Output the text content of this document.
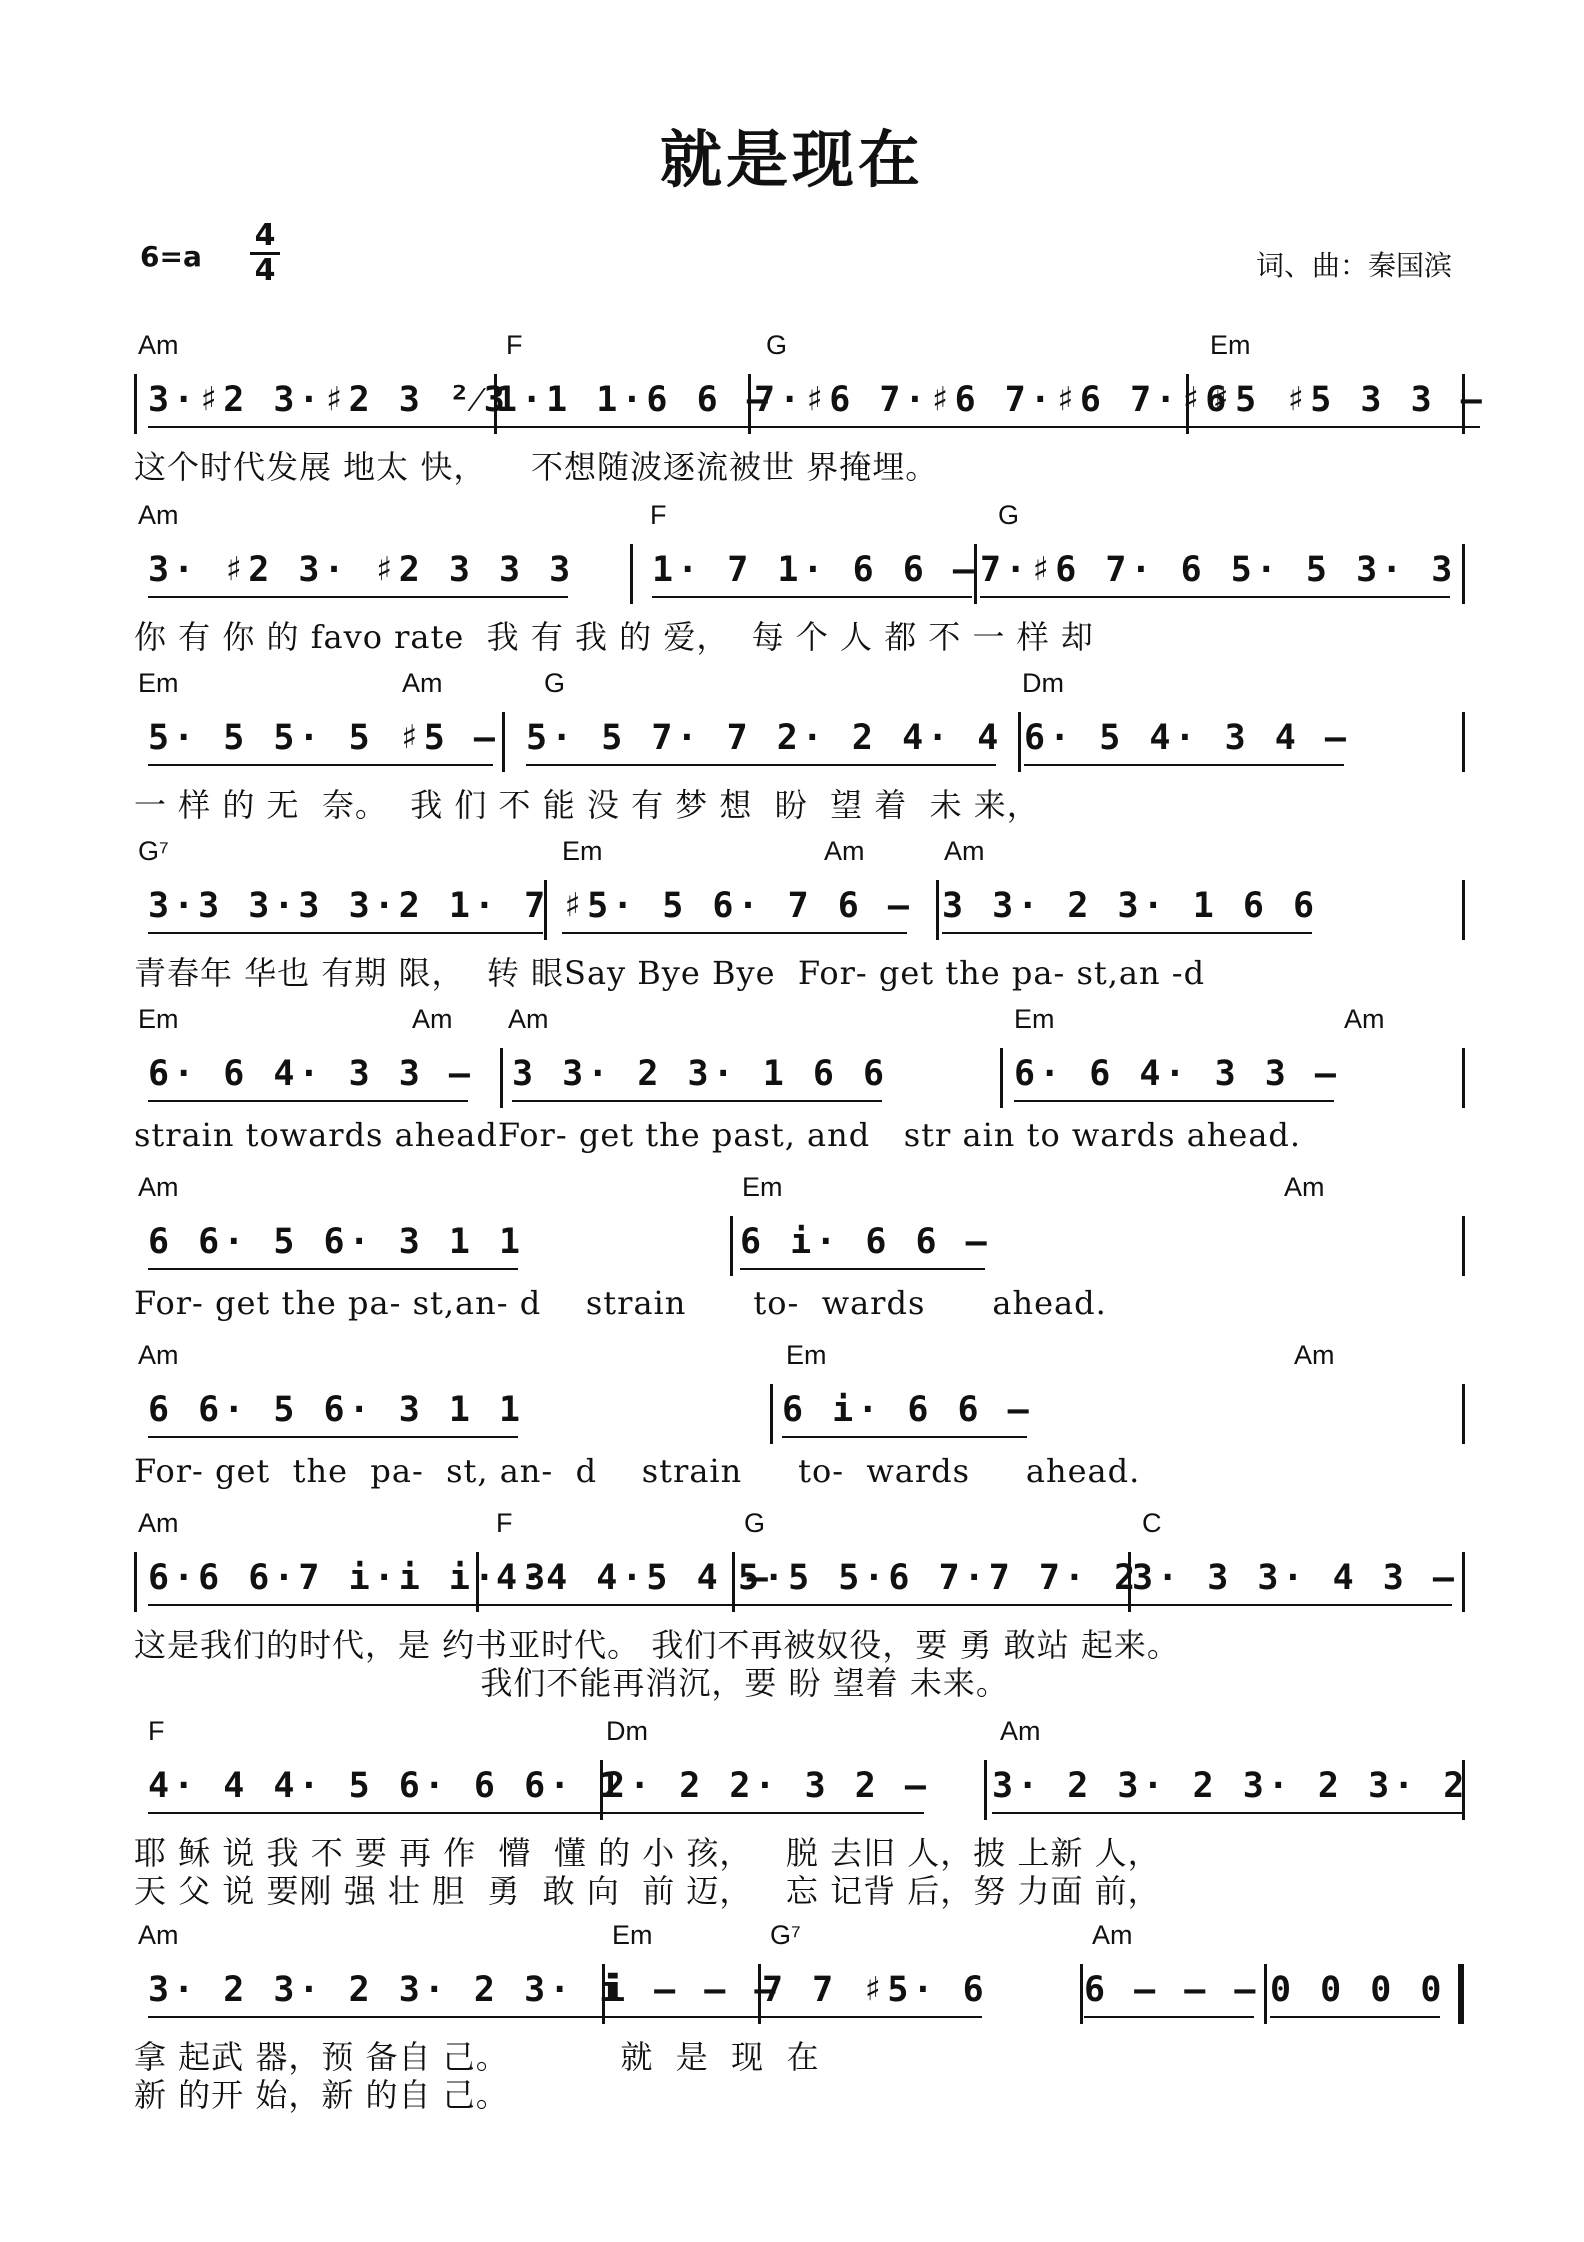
就是现在
6=a
4
4	词、曲：秦国滨
Am	F	G	Em
3·♯2 3·♯2 3 ²⁄3
1·1 1·6 6 –
7·♯6 7·♯6 7·♯6 7·♯6
♯5 ♯5 3 3 –
这个时代发展 地太 快，    不想随波逐流被世 界掩埋。
Am	F	G
3· ♯2 3· ♯2 3 3 3 1· 7 1· 6 6 – 7·♯6 7· 6 5· 5 3· 3
你 有 你 的 favo rate  我 有 我 的 爱，  每 个 人 都 不 一 样 却
Em	Am	G	Dm
5· 5 5· 5 ♯5 – 5· 5 7· 7 2· 2 4· 4 6· 5 4· 3 4 –
一 样 的 无  奈。  我 们 不 能 没 有 梦 想  盼  望 着  未 来，
G⁷	Em	Am	Am
3·3 3·3 3·2 1· 7 ♯5· 5 6· 7 6 – 3 3· 2 3· 1 6 6
青春年 华也 有期 限，  转 眼Say Bye Bye  For- get the pa- st,an -d
Em	Am Am	Em	Am
6· 6 4· 3 3 – 3 3· 2 3· 1 6 6	6· 6 4· 3 3 –
strain towards aheadFor- get the past, and   str ain to wards ahead.
Am	Em	Am
6 6· 5 6· 3 1 1	6 i· 6 6 –
For- get the pa- st,an- d    strain      to-  wards      ahead.
Am	Em	Am
6 6· 5 6· 3 1 1	6 i· 6 6 –
For- get  the  pa-  st, an-  d    strain     to-  wards     ahead.
Am	F	G	C
6·6 6·7 i·i i· 3
4·4 4·5 4 –
5·5 5·6 7·7 7· 2
3· 3 3· 4 3 –
这是我们的时代，是 约书亚时代。 我们不再被奴役，要 勇 敢站 起来。
我们不能再消沉，要 盼 望着 未来。
F	Dm	Am
4· 4 4· 5 6· 6 6· 1
2· 2 2· 3 2 – 3· 2 3· 2 3· 2 3· 2
耶 稣 说 我 不 要 再 作  懵  懂 的 小 孩，   脱 去旧 人，披 上新 人，
天 父 说 要刚 强 壮 胆  勇  敢 向  前 迈，   忘 记背 后，努 力面 前，
Am	Em	G⁷	Am
3· 2 3· 2 3· 2 3· i
i – – –
7 7 ♯5· 6	6 – – – 0 0 0 0
拿 起武 器，预 备自 己。          就  是  现  在
新 的开 始，新 的自 己。
